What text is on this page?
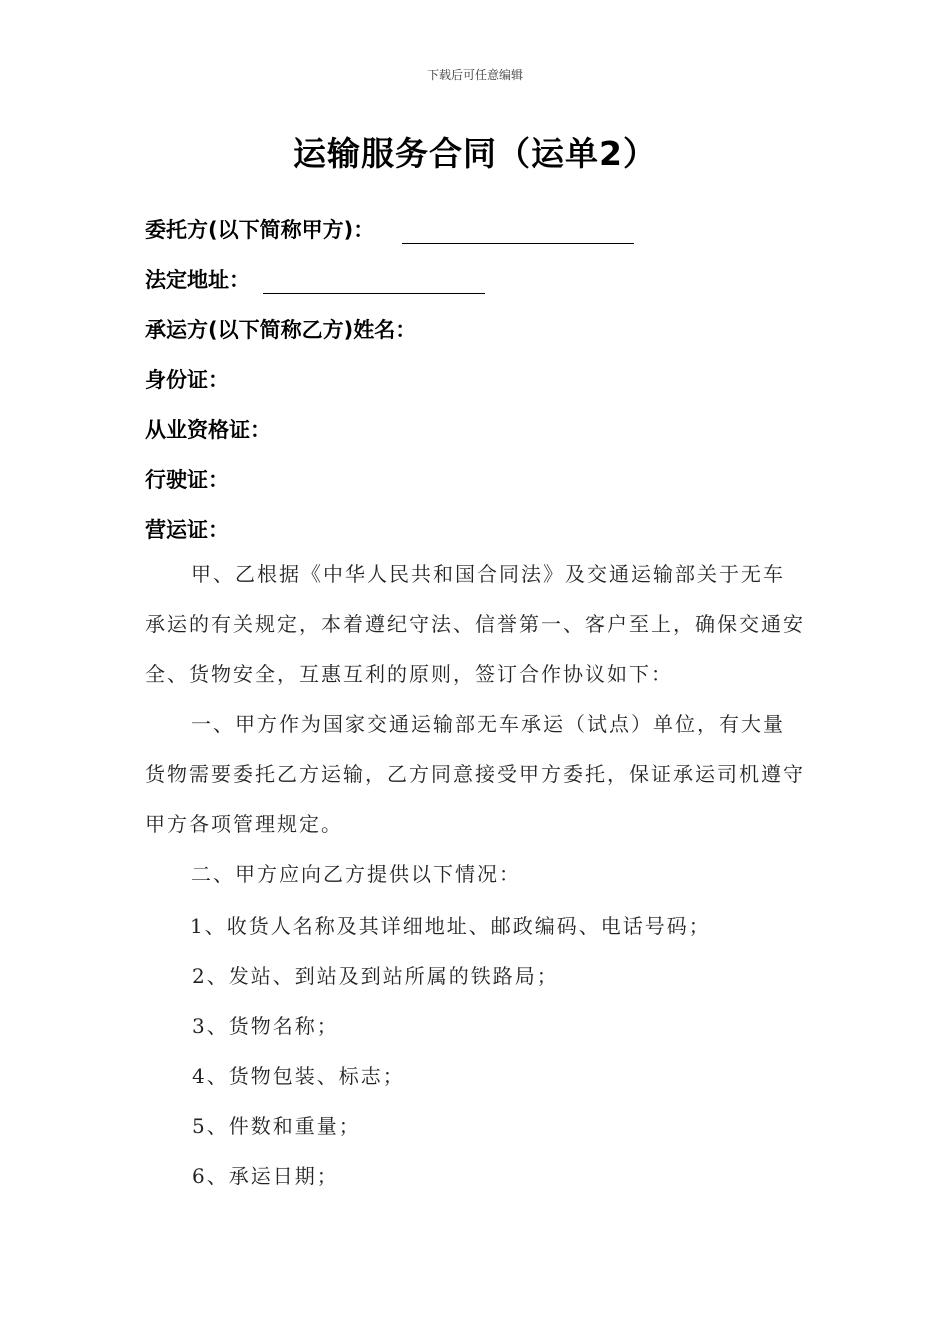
下载后可任意编辑
运输服务合同（运单2）
委托方(以下简称甲方)：
法定地址：
承运方(以下简称乙方)姓名：
身份证：
从业资格证：
行驶证：
营运证：
甲、乙根据《中华人民共和国合同法》及交通运输部关于无车承运的有关规定，本着遵纪守法、信誉第一、客户至上，确保交通安全、货物安全，互惠互利的原则，签订合作协议如下：
一、甲方作为国家交通运输部无车承运（试点）单位，有大量货物需要委托乙方运输，乙方同意接受甲方委托，保证承运司机遵守甲方各项管理规定。
二、甲方应向乙方提供以下情况：
1、收货人名称及其详细地址、邮政编码、电话号码；
2、发站、到站及到站所属的铁路局；
3、货物名称；
4、货物包装、标志；
5、件数和重量；
6、承运日期；
